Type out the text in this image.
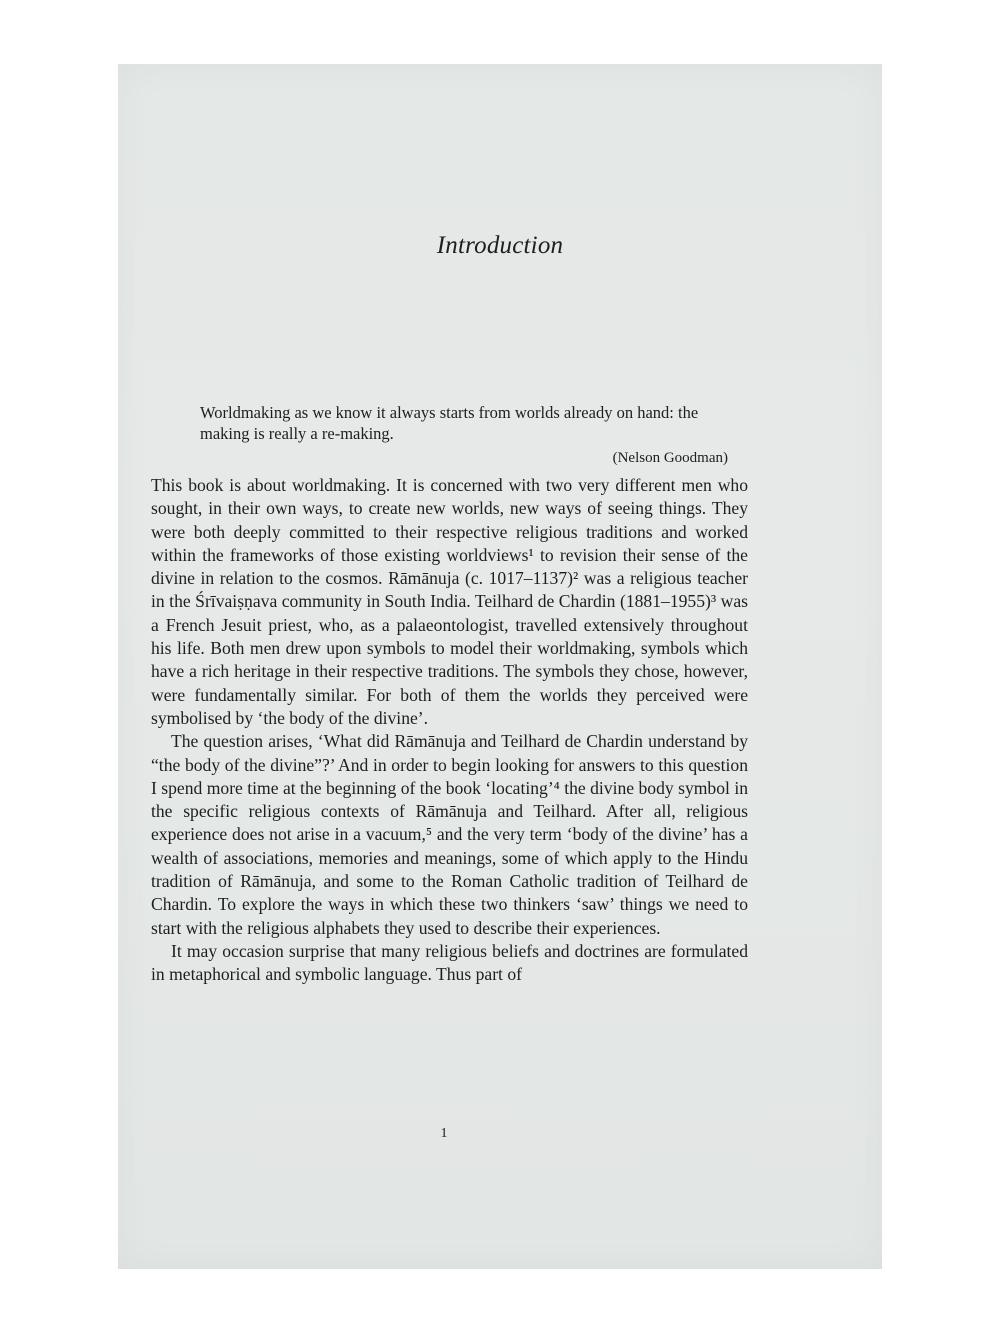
Introduction
Worldmaking as we know it always starts from worlds already on hand: the making is really a re-making.
(Nelson Goodman)

This book is about worldmaking. It is concerned with two very different men who sought, in their own ways, to create new worlds, new ways of seeing things. They were both deeply committed to their respective religious traditions and worked within the frameworks of those existing worldviews¹ to revision their sense of the divine in relation to the cosmos. Rāmānuja (c. 1017–1137)² was a religious teacher in the Śrīvaiṣṇava community in South India. Teilhard de Chardin (1881–1955)³ was a French Jesuit priest, who, as a palaeontologist, travelled extensively throughout his life. Both men drew upon symbols to model their worldmaking, symbols which have a rich heritage in their respective traditions. The symbols they chose, however, were fundamentally similar. For both of them the worlds they perceived were symbolised by ‘the body of the divine’.

The question arises, ‘What did Rāmānuja and Teilhard de Chardin understand by “the body of the divine”?’ And in order to begin looking for answers to this question I spend more time at the beginning of the book ‘locating’⁴ the divine body symbol in the specific religious contexts of Rāmānuja and Teilhard. After all, religious experience does not arise in a vacuum,⁵ and the very term ‘body of the divine’ has a wealth of associations, memories and meanings, some of which apply to the Hindu tradition of Rāmānuja, and some to the Roman Catholic tradition of Teilhard de Chardin. To explore the ways in which these two thinkers ‘saw’ things we need to start with the religious alphabets they used to describe their experiences.

It may occasion surprise that many religious beliefs and doctrines are formulated in metaphorical and symbolic language. Thus part of

1
